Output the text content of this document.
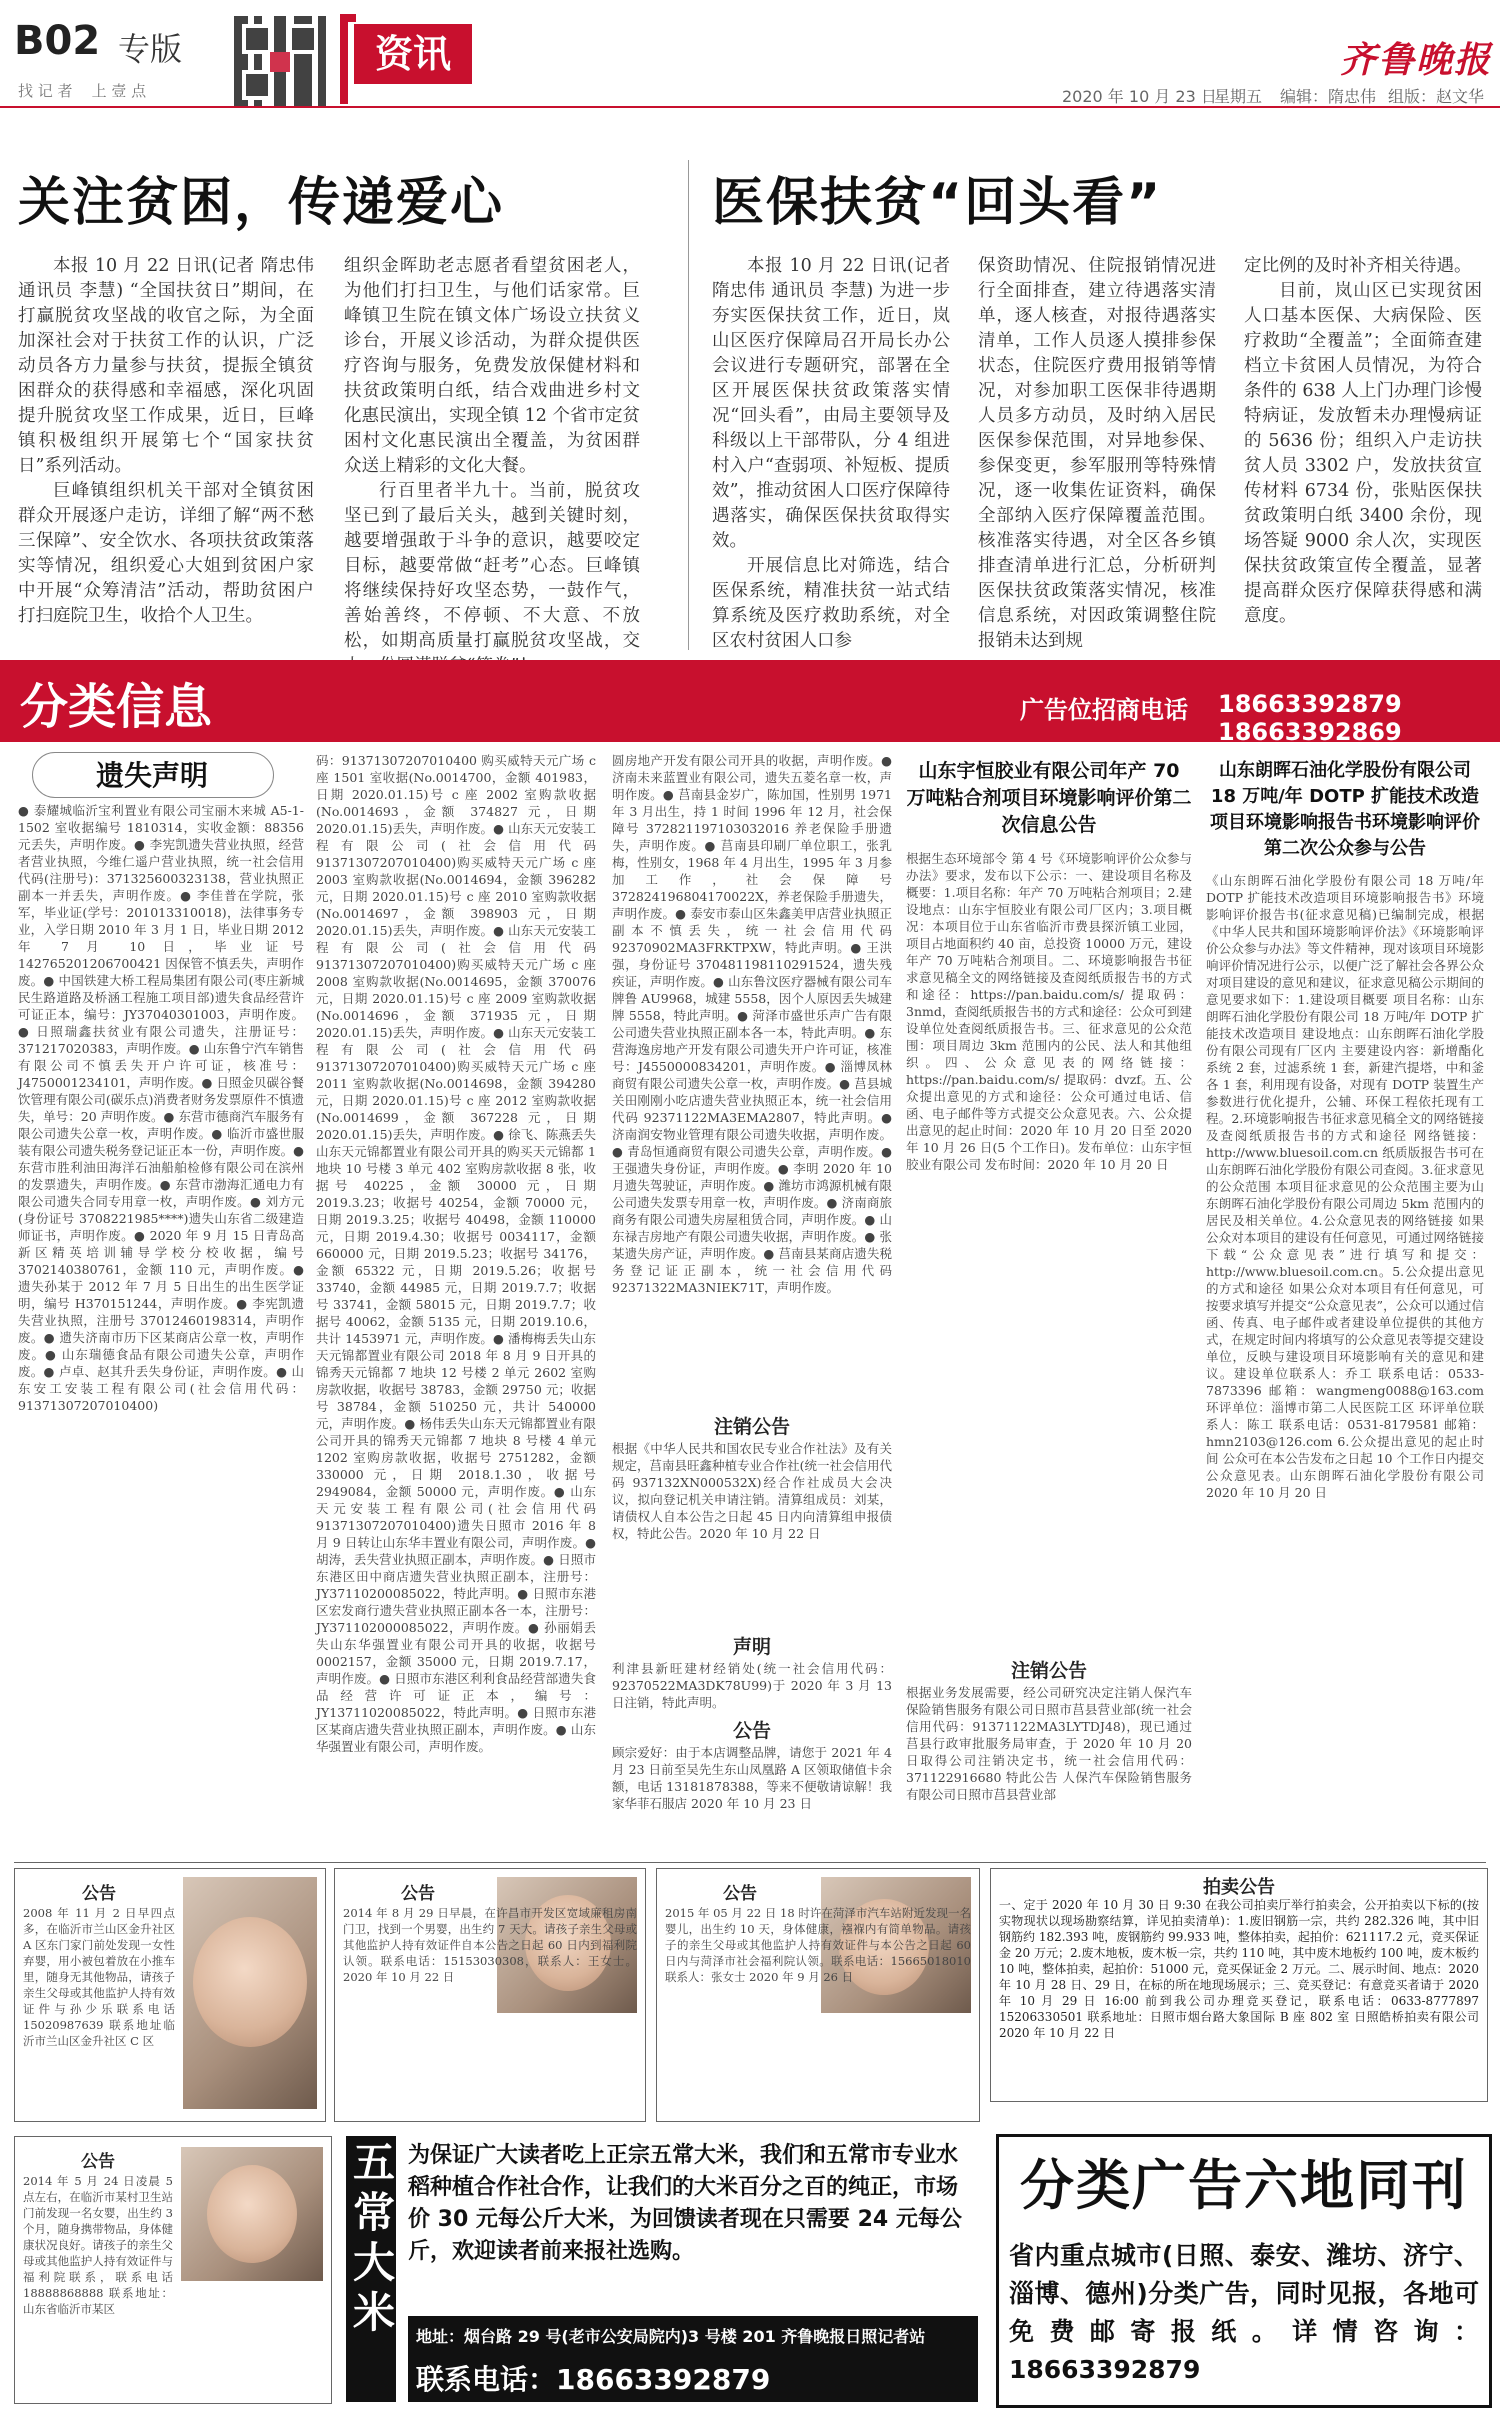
B02 专版
找 记 者    上 壹 点
资讯	齐鲁晚报
2020 年 10 月 23 日
星期五 编辑：隋忠伟 组版：赵文华
关注贫困，传递爱心

本报 10 月 22 日讯(记者 隋忠伟 通讯员 李慧) “全国扶贫日”期间，在打赢脱贫攻坚战的收官之际，为全面加深社会对于扶贫工作的认识，广泛动员各方力量参与扶贫，提振全镇贫困群众的获得感和幸福感，深化巩固提升脱贫攻坚工作成果，近日，巨峰镇积极组织开展第七个“国家扶贫日”系列活动。

巨峰镇组织机关干部对全镇贫困群众开展逐户走访，详细了解“两不愁三保障”、安全饮水、各项扶贫政策落实等情况，组织爱心大姐到贫困户家中开展“众筹清洁”活动，帮助贫困户打扫庭院卫生，收拾个人卫生。

组织金晖助老志愿者看望贫困老人，为他们打扫卫生，与他们话家常。巨峰镇卫生院在镇文体广场设立扶贫义诊台，开展义诊活动，为群众提供医疗咨询与服务，免费发放保健材料和扶贫政策明白纸，结合戏曲进乡村文化惠民演出，实现全镇 12 个省市定贫困村文化惠民演出全覆盖，为贫困群众送上精彩的文化大餐。

行百里者半九十。当前，脱贫攻坚已到了最后关头，越到关键时刻，越要增强敢于斗争的意识，越要咬定目标，越要常做“赶考”心态。巨峰镇将继续保持好攻坚态势，一鼓作气，善始善终，不停顿、不大意、不放松，如期高质量打赢脱贫攻坚战，交

医保扶贫“回头看”

本报 10 月 22 日讯(记者 隋忠伟 通讯员 李慧) 为进一步夯实医保扶贫工作，近日，岚山区医疗保障局召开局长办公会议进行专题研究，部署在全区开展医保扶贫政策落实情况“回头看”，由局主要领导及科级以上干部带队，分 4 组进村入户“查弱项、补短板、提质效”，推动贫困人口医疗保障待遇落实，确保医保扶贫取得实效。

开展信息比对筛选，结合医保系统，精准扶贫一站式结算系统及医疗救助系统，对全区农村贫困人口参

保资助情况、住院报销情况进行全面排查，建立待遇落实清单，逐人核查，对报待遇落实清单，工作人员逐人摸排参保状态，住院医疗费用报销等情况，对参加职工医保非待遇期人员多方动员，及时纳入居民医保参保范围，对异地参保、参保变更，参军服刑等特殊情况，逐一收集佐证资料，确保全部纳入医疗保障覆盖范围。核准落实待遇，对全区各乡镇排查清单进行汇总，分析研判医保扶贫政策落实情况，核准信息系统，对因政策调整住院报销未达到规

定比例的及时补齐相关待遇。

目前，岚山区已实现贫困人口基本医保、大病保险、医疗救助“全覆盖”；全面筛查建档立卡贫困人员情况，为符合条件的 638 人上门办理门诊慢特病证，发放暂未办理慢病证的 5636 份；组织入户走访扶贫人员 3302 户，发放扶贫宣传材料 6734 份，张贴医保扶贫政策明白纸 3400 余份，现场答疑 9000 余人次，实现医保扶贫政策宣传全覆盖，显著提高群众医疗保障获得感和满意度。

分类信息	广告位招商电话 18663392879 18663392869
遗失声明
● 泰耀城临沂宝利置业有限公司宝丽木来城 A5-1-1502 室收据编号 1810314，实收金额：88356 元丢失，声明作废。● 李宪凯遗失营业执照，经营者营业执照，今维仁遥户营业执照，统一社会信用代码(注册号)：371325600323138，营业执照正副本一并丢失，声明作废。● 李佳普在学院，张军，毕业证(学号：201013310018)，法律事务专业，入学日期 2010 年 3 月 1 日，毕业日期 2012 年 7 月 10 日，毕业证号 142765201206700421 因保管不慎丢失，声明作废。● 中国铁建大桥工程局集团有限公司(枣庄新城民生路道路及桥涵工程施工项目部)遗失食品经营许可证正本，编号：JY37040301003，声明作废。● 日照瑞鑫扶贫业有限公司遗失，注册证号：371217020383，声明作废。● 山东鲁宁汽车销售有限公司不慎丢失开户许可证，核准号：J4750001234101，声明作废。● 日照金贝碳谷餐饮管理有限公司(碳乐点)消费者财务发票原件不慎遗失，单号：20 声明作废。● 东营市德商汽车服务有限公司遗失公章一枚，声明作废。● 临沂市盛世服装有限公司遗失税务登记证正本一份，声明作废。● 东营市胜利油田海洋石油船舶检修有限公司在滨州的发票遗失，声明作废。● 东营市渤海汇通电力有限公司遗失合同专用章一枚，声明作废。● 刘方元(身份证号 3708221985****)遗失山东省二级建造师证书，声明作废。● 2020 年 9 月 15 日青岛高新区精英培训辅导学校分校收据，编号 3702140380761，金额 110 元，声明作废。● 遗失孙某于 2012 年 7 月 5 日出生的出生医学证明，编号 H370151244，声明作废。● 李宪凯遗失营业执照，注册号 37012460198314，声明作废。● 遗失济南市历下区某商店公章一枚，声明作废。● 山东瑞德食品有限公司遗失公章，声明作废。● 卢卓、赵其升丢失身份证，声明作废。● 山东安工安装工程有限公司(社会信用代码：91371307207010400)
码：91371307207010400 购买威特天元广场 c 座 1501 室收据(No.0014700，金额 401983，日期 2020.01.15)号 c 座 2002 室购款收据(No.0014693，金额 374827 元，日期 2020.01.15)丢失，声明作废。● 山东天元安装工程有限公司(社会信用代码 91371307207010400)购买威特天元广场 c 座 2003 室购款收据(No.0014694，金额 396282 元，日期 2020.01.15)号 c 座 2010 室购款收据(No.0014697，金额 398903 元，日期 2020.01.15)丢失，声明作废。● 山东天元安装工程有限公司(社会信用代码 91371307207010400)购买威特天元广场 c 座 2008 室购款收据(No.0014695，金额 370076 元，日期 2020.01.15)号 c 座 2009 室购款收据(No.0014696，金额 371935 元，日期 2020.01.15)丢失，声明作废。● 山东天元安装工程有限公司(社会信用代码 91371307207010400)购买威特天元广场 c 座 2011 室购款收据(No.0014698，金额 394280 元，日期 2020.01.15)号 c 座 2012 室购款收据(No.0014699，金额 367228 元，日期 2020.01.15)丢失，声明作废。● 徐飞、陈燕丢失山东天元锦都置业有限公司开具的购买天元锦都 1 地块 10 号楼 3 单元 402 室购房款收据 8 张，收据号 40225，金额 30000 元，日期 2019.3.23；收据号 40254，金额 70000 元，日期 2019.3.25；收据号 40498，金额 110000 元，日期 2019.4.30；收据号 0034117，金额 660000 元，日期 2019.5.23；收据号 34176，金额 65322 元，日期 2019.5.26；收据号 33740，金额 44985 元，日期 2019.7.7；收据号 33741，金额 58015 元，日期 2019.7.7；收据号 40062，金额 5135 元，日期 2019.10.6，共计 1453971 元，声明作废。● 潘梅梅丢失山东天元锦都置业有限公司 2018 年 8 月 9 日开具的锦秀天元锦都 7 地块 12 号楼 2 单元 2602 室购房款收据，收据号 38783，金额 29750 元；收据号 38784，金额 510250 元，共计 540000 元，声明作废。● 杨伟丢失山东天元锦都置业有限公司开具的锦秀天元锦都 7 地块 8 号楼 4 单元 1202 室购房款收据，收据号 2751282，金额 330000 元，日期 2018.1.30，收据号 2949084，金额 50000 元，声明作废。● 山东天元安装工程有限公司(社会信用代码 91371307207010400)遗失日照市 2016 年 8 月 9 日转让山东华丰置业有限公司，声明作废。● 胡涛，丢失营业执照正副本，声明作废。● 日照市东港区田中商店遗失营业执照正副本，注册号：JY37110200085022，特此声明。● 日照市东港区宏发商行遗失营业执照正副本各一本，注册号：JY371102000085022，声明作废。● 孙丽娟丢失山东华强置业有限公司开具的收据，收据号 0002157，金额 35000 元，日期 2019.7.17，声明作废。● 日照市东港区利利食品经营部遗失食品经营许可证正本，编号：JY13711020085022，特此声明。● 日照市东港区某商店遗失营业执照正副本，声明作废。● 山东华强置业有限公司，声明作废。
圆房地产开发有限公司开具的收据，声明作废。● 济南未来蓝置业有限公司，遗失五菱名章一枚，声明作废。● 莒南县金岁广，陈加国，性别男 1971 年 3 月出生，持 1 时间 1996 年 12 月，社会保障号 372821197103032016 养老保险手册遗失，声明作废。● 莒南县印刷厂单位职工，张乳梅，性别女，1968 年 4 月出生，1995 年 3 月参加工作，社会保障号 372824196804170022X，养老保险手册遗失，声明作废。● 泰安市泰山区朱鑫美甲店营业执照正副本不慎丢失，统一社会信用代码 92370902MA3FRKTPXW，特此声明。● 王洪强，身份证号 370481198110291524，遗失残疾证，声明作废。● 山东鲁汶医疗器械有限公司车牌鲁 AU9968，城建 5558，因个人原因丢失城建牌 5558，特此声明。● 菏泽市盛世乐声广告有限公司遗失营业执照正副本各一本，特此声明。● 东营海逸房地产开发有限公司遗失开户许可证，核准号：J4550000834201，声明作废。● 淄博凤林商贸有限公司遗失公章一枚，声明作废。● 莒县城关田刚刚小吃店遗失营业执照正本，统一社会信用代码 92371122MA3EMA2807，特此声明。● 济南润安物业管理有限公司遗失收据，声明作废。● 青岛恒通商贸有限公司遗失公章，声明作废。● 王强遗失身份证，声明作废。● 李明 2020 年 10 月遗失驾驶证，声明作废。● 潍坊市鸿源机械有限公司遗失发票专用章一枚，声明作废。● 济南商旅商务有限公司遗失房屋租赁合同，声明作废。● 山东禄吉房地产有限公司遗失收据，声明作废。● 张某遗失房产证，声明作废。● 莒南县某商店遗失税务登记证正副本，统一社会信用代码 92371322MA3NIEK71T，声明作废。
注销公告
根据《中华人民共和国农民专业合作社法》及有关规定，莒南县旺鑫种植专业合作社(统一社会信用代码 937132XN000532X)经合作社成员大会决议，拟向登记机关申请注销。清算组成员：刘某，请债权人自本公告之日起 45 日内向清算组申报债权，特此公告。2020 年 10 月 22 日
声明
利津县新旺建材经销处(统一社会信用代码：92370522MA3DK78U99)于 2020 年 3 月 13 日注销，特此声明。
公告
顾宗爱好：由于本店调整品牌，请您于 2021 年 4 月 23 日前至吴先生东山凤凰路 A 区领取储值卡余额，电话 13181878388，等来不便敬请谅解！我家华菲石服店 2020 年 10 月 23 日
山东宇恒胶业有限公司年产 70 万吨粘合剂项目环境影响评价第二次信息公告
根据生态环境部令 第 4 号《环境影响评价公众参与办法》要求，发布以下公示：一、建设项目名称及概要：1.项目名称：年产 70 万吨粘合剂项目；2.建设地点：山东宇恒胶业有限公司厂区内；3.项目概况：本项目位于山东省临沂市费县探沂镇工业园，项目占地面积约 40 亩，总投资 10000 万元，建设年产 70 万吨粘合剂项目。二、环境影响报告书征求意见稿全文的网络链接及查阅纸质报告书的方式和途径：https://pan.baidu.com/s/ 提取码：3nmd，查阅纸质报告书的方式和途径：公众可到建设单位处查阅纸质报告书。三、征求意见的公众范围：项目周边 3km 范围内的公民、法人和其他组织。四、公众意见表的网络链接：https://pan.baidu.com/s/ 提取码：dvzf。五、公众提出意见的方式和途径：公众可通过电话、信函、电子邮件等方式提交公众意见表。六、公众提出意见的起止时间：2020 年 10 月 20 日至 2020 年 10 月 26 日(5 个工作日)。发布单位：山东宇恒胶业有限公司 发布时间：2020 年 10 月 20 日
注销公告
根据业务发展需要，经公司研究决定注销人保汽车保险销售服务有限公司日照市莒县营业部(统一社会信用代码：91371122MA3LYTDJ48)，现已通过莒县行政审批服务局审查，于 2020 年 10 月 20 日取得公司注销决定书，统一社会信用代码：371122916680 特此公告 人保汽车保险销售服务有限公司日照市莒县营业部
山东朗晖石油化学股份有限公司 18 万吨/年 DOTP 扩能技术改造项目环境影响报告书环境影响评价第二次公众参与公告
《山东朗晖石油化学股份有限公司 18 万吨/年 DOTP 扩能技术改造项目环境影响报告书》环境影响评价报告书(征求意见稿)已编制完成，根据《中华人民共和国环境影响评价法》《环境影响评价公众参与办法》等文件精神，现对该项目环境影响评价情况进行公示，以便广泛了解社会各界公众对项目建设的意见和建议，征求意见稿公示期间的意见要求如下：1.建设项目概要 项目名称：山东朗晖石油化学股份有限公司 18 万吨/年 DOTP 扩能技术改造项目 建设地点：山东朗晖石油化学股份有限公司现有厂区内 主要建设内容：新增酯化系统 2 套，过滤系统 1 套，新建汽提塔，中和釜各 1 套，利用现有设备，对现有 DOTP 装置生产参数进行优化提升，公辅、环保工程依托现有工程。2.环境影响报告书征求意见稿全文的网络链接及查阅纸质报告书的方式和途径 网络链接：http://www.bluesoil.com.cn 纸质版报告书可在山东朗晖石油化学股份有限公司查阅。3.征求意见的公众范围 本项目征求意见的公众范围主要为山东朗晖石油化学股份有限公司周边 5km 范围内的居民及相关单位。4.公众意见表的网络链接 如果公众对本项目的建设有任何意见，可通过网络链接下载“公众意见表”进行填写和提交：http://www.bluesoil.com.cn。5.公众提出意见的方式和途径 如果公众对本项目有任何意见，可按要求填写并提交“公众意见表”，公众可以通过信函、传真、电子邮件或者建设单位提供的其他方式，在规定时间内将填写的公众意见表等提交建设单位，反映与建设项目环境影响有关的意见和建议。建设单位联系人：乔工 联系电话：0533-7873396 邮箱：wangmeng0088@163.com 环评单位：淄博市第二人民医院工区 环评单位联系人：陈工 联系电话：0531-8179581 邮箱：hmn2103@126.com 6.公众提出意见的起止时间 公众可在本公告发布之日起 10 个工作日内提交公众意见表。山东朗晖石油化学股份有限公司 2020 年 10 月 20 日
公告
2008 年 11 月 2 日早四点多，在临沂市兰山区金升社区 A 区东门家门前处发现一女性弃婴，用小被包着放在小推车里，随身无其他物品，请孩子亲生父母或其他监护人持有效证件与孙少乐联系电话 15020987639 联系地址临沂市兰山区金升社区 C 区
公告
2014 年 8 月 29 日早晨，在许昌市开发区宽域廉租房南门卫，找到一个男婴，出生约 7 天大。请孩子亲生父母或其他监护人持有效证件自本公告之日起 60 日内到福利院认领。联系电话：15153030308，联系人：王女士。2020 年 10 月 22 日
公告
2015 年 05 月 22 日 18 时许在菏泽市汽车站附近发现一名婴儿，出生约 10 天，身体健康，襁褓内有简单物品。请孩子的亲生父母或其他监护人持有效证件与本公告之日起 60 日内与菏泽市社会福利院认领。联系电话：15665018010 联系人：张女士 2020 年 9 月 26 日
拍卖公告
一、定于 2020 年 10 月 30 日 9:30 在我公司拍卖厅举行拍卖会，公开拍卖以下标的(按实物现状以现场勘察结算，详见拍卖清单)：1.废旧钢筋一宗，共约 282.326 吨，其中旧钢筋约 182.393 吨，废钢筋约 99.933 吨，整体拍卖，起拍价：621117.2 元，竞买保证金 20 万元；2.废木地板，废木板一宗，共约 110 吨，其中废木地板约 100 吨，废木板约 10 吨，整体拍卖，起拍价：51000 元，竞买保证金 2 万元。二、展示时间、地点：2020 年 10 月 28 日、29 日，在标的所在地现场展示；三、竞买登记：有意竞买者请于 2020 年 10 月 29 日 16:00 前到我公司办理竞买登记，联系电话：0633-8777897 15206330501 联系地址：日照市烟台路大象国际 B 座 802 室 日照皓桥拍卖有限公司 2020 年 10 月 22 日
公告
2014 年 5 月 24 日凌晨 5 点左右，在临沂市某村卫生站门前发现一名女婴，出生约 3 个月，随身携带物品，身体健康状况良好。请孩子的亲生父母或其他监护人持有效证件与福利院联系，联系电话 18888868888 联系地址：山东省临沂市某区	五常大米 为保证广大读者吃上正宗五常大米，我们和五常市专业水稻种植合作社合作，让我们的大米百分之百的纯正，市场价 30 元每公斤大米，为回馈读者现在只需要 24 元每公斤，欢迎读者前来报社选购。
地址：烟台路 29 号(老市公安局院内)3 号楼 201 齐鲁晚报日照记者站
联系电话：18663392879
分类广告六地同刊
省内重点城市(日照、泰安、潍坊、济宁、淄博、德州)分类广告，同时见报，各地可免费邮寄报纸。详情咨询：18663392879
